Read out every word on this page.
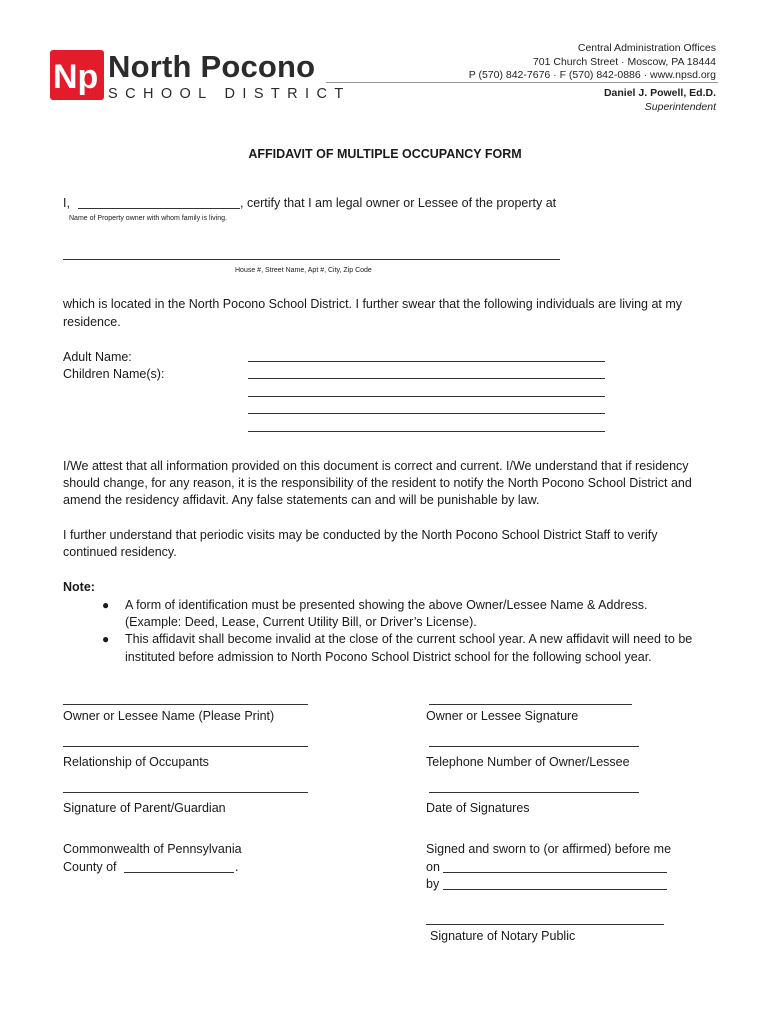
Np North Pocono
SCHOOL DISTRICT
Central Administration Offices
701 Church Street · Moscow, PA 18444
P (570) 842-7676 · F (570) 842-0886 · www.npsd.org
Daniel J. Powell, Ed.D.
Superintendent
AFFIDAVIT OF MULTIPLE OCCUPANCY FORM
I,	, certify that I am legal owner or Lessee of the property at
Name of Property owner with whom family is living.
House #, Street Name, Apt #, City, Zip Code
which is located in the North Pocono School District. I further swear that the following individuals are living at my
residence.
Adult Name:
Children Name(s):
I/We attest that all information provided on this document is correct and current. I/We understand that if residency
should change, for any reason, it is the responsibility of the resident to notify the North Pocono School District and
amend the residency affidavit. Any false statements can and will be punishable by law.
I further understand that periodic visits may be conducted by the North Pocono School District Staff to verify
continued residency.
Note:
● A form of identification must be presented showing the above Owner/Lessee Name & Address.
(Example: Deed, Lease, Current Utility Bill, or Driver’s License).
● This affidavit shall become invalid at the close of the current school year. A new affidavit will need to be
instituted before admission to North Pocono School District school for the following school year.
Owner or Lessee Name (Please Print)	Owner or Lessee Signature
Relationship of Occupants	Telephone Number of Owner/Lessee
Signature of Parent/Guardian	Date of Signatures
Commonwealth of Pennsylvania
County of	.
Signed and sworn to (or affirmed) before me
on
by
Signature of Notary Public
